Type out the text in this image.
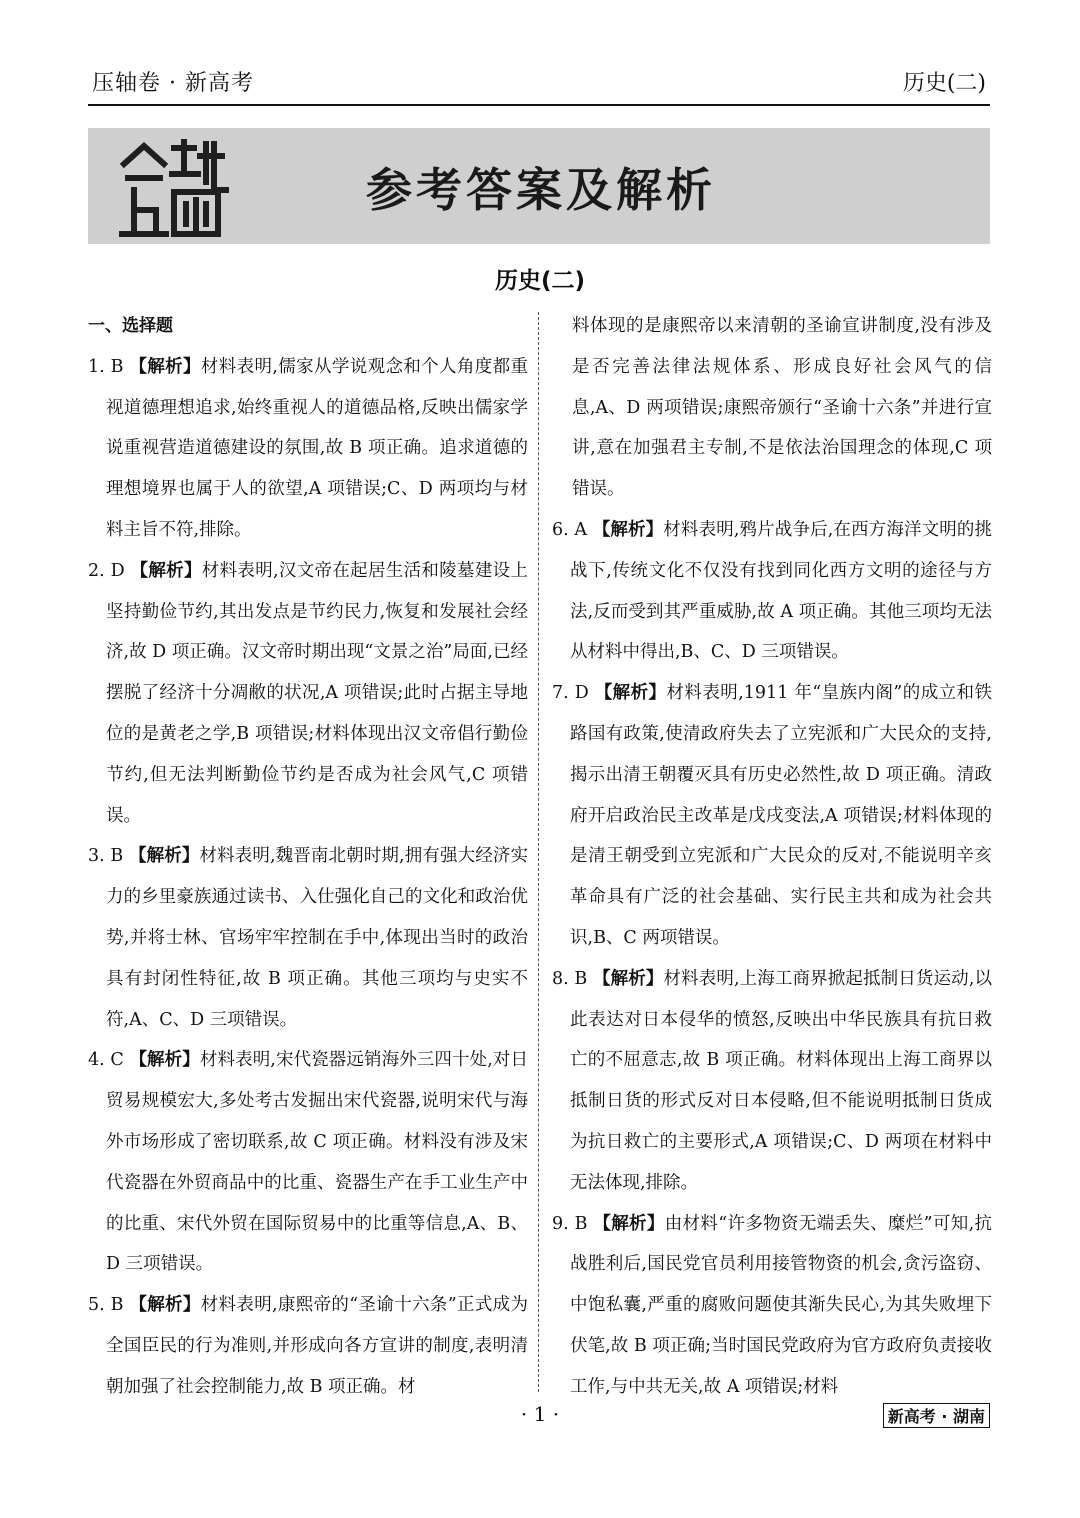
压轴卷 · 新高考	历史(二)
参考答案及解析
历史(二)
一、选择题

1. B 【解析】材料表明,儒家从学说观念和个人角度都重视道德理想追求,始终重视人的道德品格,反映出儒家学说重视营造道德建设的氛围,故 B 项正确。追求道德的理想境界也属于人的欲望,A 项错误;C、D 两项均与材料主旨不符,排除。

2. D 【解析】材料表明,汉文帝在起居生活和陵墓建设上坚持勤俭节约,其出发点是节约民力,恢复和发展社会经济,故 D 项正确。汉文帝时期出现“文景之治”局面,已经摆脱了经济十分凋敝的状况,A 项错误;此时占据主导地位的是黄老之学,B 项错误;材料体现出汉文帝倡行勤俭节约,但无法判断勤俭节约是否成为社会风气,C 项错误。

3. B 【解析】材料表明,魏晋南北朝时期,拥有强大经济实力的乡里豪族通过读书、入仕强化自己的文化和政治优势,并将士林、官场牢牢控制在手中,体现出当时的政治具有封闭性特征,故 B 项正确。其他三项均与史实不符,A、C、D 三项错误。

4. C 【解析】材料表明,宋代瓷器远销海外三四十处,对日贸易规模宏大,多处考古发掘出宋代瓷器,说明宋代与海外市场形成了密切联系,故 C 项正确。材料没有涉及宋代瓷器在外贸商品中的比重、瓷器生产在手工业生产中的比重、宋代外贸在国际贸易中的比重等信息,A、B、D 三项错误。

5. B 【解析】材料表明,康熙帝的“圣谕十六条”正式成为全国臣民的行为准则,并形成向各方宣讲的制度,表明清朝加强了社会控制能力,故 B 项正确。材

料体现的是康熙帝以来清朝的圣谕宣讲制度,没有涉及是否完善法律法规体系、形成良好社会风气的信息,A、D 两项错误;康熙帝颁行“圣谕十六条”并进行宣讲,意在加强君主专制,不是依法治国理念的体现,C 项错误。

6. A 【解析】材料表明,鸦片战争后,在西方海洋文明的挑战下,传统文化不仅没有找到同化西方文明的途径与方法,反而受到其严重威胁,故 A 项正确。其他三项均无法从材料中得出,B、C、D 三项错误。

7. D 【解析】材料表明,1911 年“皇族内阁”的成立和铁路国有政策,使清政府失去了立宪派和广大民众的支持,揭示出清王朝覆灭具有历史必然性,故 D 项正确。清政府开启政治民主改革是戊戌变法,A 项错误;材料体现的是清王朝受到立宪派和广大民众的反对,不能说明辛亥革命具有广泛的社会基础、实行民主共和成为社会共识,B、C 两项错误。

8. B 【解析】材料表明,上海工商界掀起抵制日货运动,以此表达对日本侵华的愤怒,反映出中华民族具有抗日救亡的不屈意志,故 B 项正确。材料体现出上海工商界以抵制日货的形式反对日本侵略,但不能说明抵制日货成为抗日救亡的主要形式,A 项错误;C、D 两项在材料中无法体现,排除。

9. B 【解析】由材料“许多物资无端丢失、糜烂”可知,抗战胜利后,国民党官员利用接管物资的机会,贪污盗窃、中饱私囊,严重的腐败问题使其渐失民心,为其失败埋下伏笔,故 B 项正确;当时国民党政府为官方政府负责接收工作,与中共无关,故 A 项错误;材料

· 1 ·	新高考 · 湖南
